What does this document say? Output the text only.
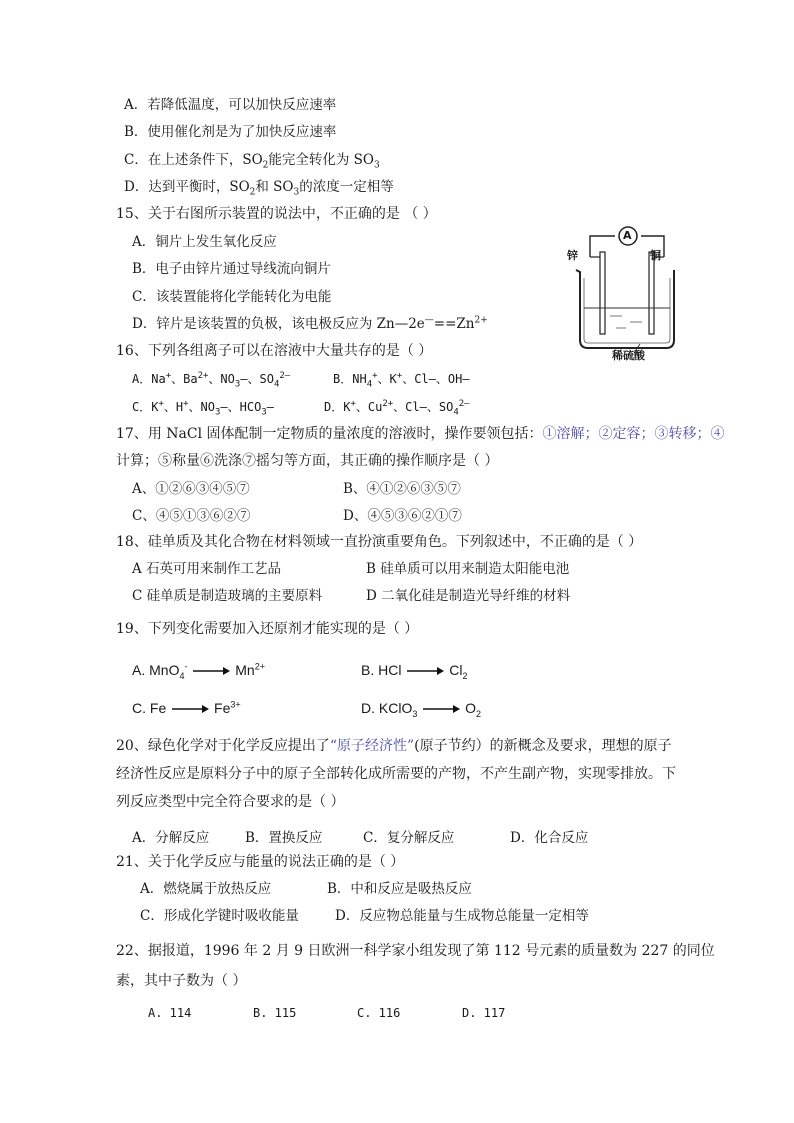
A．若降低温度，可以加快反应速率
B．使用催化剂是为了加快反应速率
C．在上述条件下，$SO_2$能完全转化为 $SO_3$
D．达到平衡时，$SO_2$和 $SO_3$的浓度一定相等
15、关于右图所示装置的说法中，不正确的是 （ ）
A．铜片上发生氧化反应
B．电子由锌片通过导线流向铜片
C．该装置能将化学能转化为电能
D．锌片是该装置的负极，该电极反应为 $Zn—2e^—==Zn^{2+}$
A
锌	铜
稀硫酸
16、下列各组离子可以在溶液中大量共存的是（ ）
A．Na+、$Ba^{2+}$、$NO_3—$、$SO_4^{2—}$	B．$NH_4^+$、K+、Cl—、OH—
C．K+、H+、$NO_3—$、$HCO_3—$	D．K+、$Cu^{2+}$、Cl—、$SO_4^{2—}$
17、用 NaCl 固体配制一定物质的量浓度的溶液时，操作要领包括：①溶解；②定容；③转移；④
计算；⑤称量⑥洗涤⑦摇匀等方面，其正确的操作顺序是（ ）
A、①②⑥③④⑤⑦	B、④①②⑥③⑤⑦
C、④⑤①③⑥②⑦	D、④⑤③⑥②①⑦
18、硅单质及其化合物在材料领域一直扮演重要角色。下列叙述中，不正确的是（ ）
A 石英可用来制作工艺品	B 硅单质可以用来制造太阳能电池
C 硅单质是制造玻璃的主要原料	D 二氧化硅是制造光导纤维的材料
19、下列变化需要加入还原剂才能实现的是（ ）
A. $MnO_4^- \to Mn^{2+}$	B. HCl → $Cl_2$
C. $Fe \to Fe^{3+}$	D. KClO$_3$ → $O_2$
20、绿色化学对于化学反应提出了“原子经济性”(原子节约）的新概念及要求，理想的原子
经济性反应是原料分子中的原子全部转化成所需要的产物，不产生副产物，实现零排放。下
列反应类型中完全符合要求的是（ ）
A．分解反应	B．置换反应	C．复分解反应	D．化合反应
21、关于化学反应与能量的说法正确的是（ ）
A．燃烧属于放热反应	B．中和反应是吸热反应
C．形成化学键时吸收能量	D．反应物总能量与生成物总能量一定相等
22、据报道，1996 年 2 月 9 日欧洲一科学家小组发现了第 112 号元素的质量数为 227 的同位
素，其中子数为（ ）
A. 114	B. 115	C. 116	D. 117
